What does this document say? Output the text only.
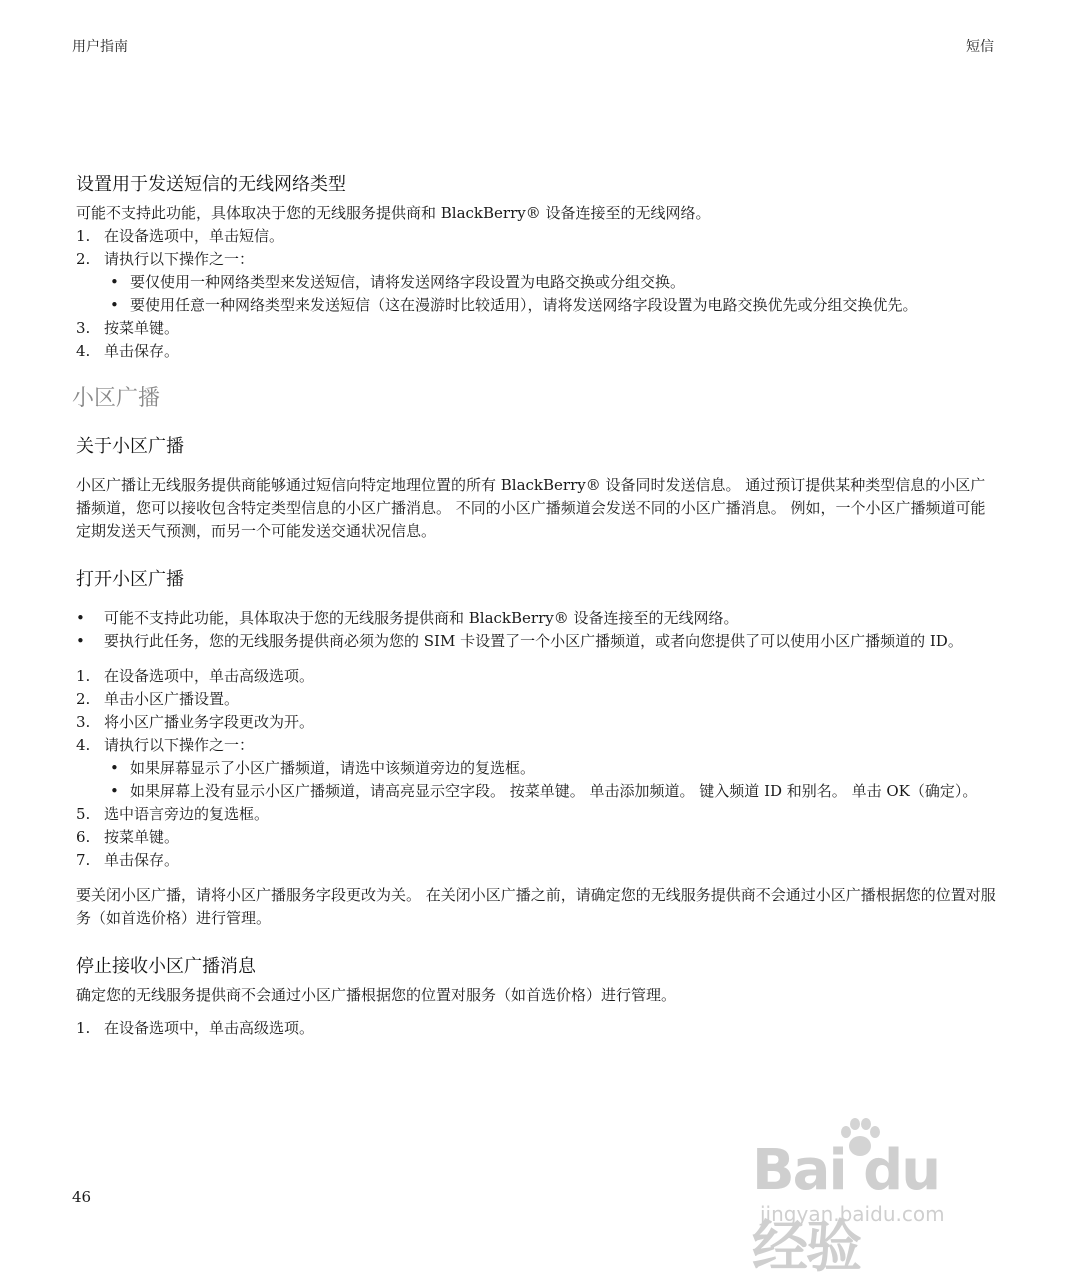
用户指南	短信
设置用于发送短信的无线网络类型

可能不支持此功能，具体取决于您的无线服务提供商和 BlackBerry® 设备连接至的无线网络。

1. 在设备选项中，单击短信。
2. 请执行以下操作之一：
• 要仅使用一种网络类型来发送短信，请将发送网络字段设置为电路交换或分组交换。
• 要使用任意一种网络类型来发送短信（这在漫游时比较适用），请将发送网络字段设置为电路交换优先或分组交换优先。
3. 按菜单键。
4. 单击保存。
小区广播
关于小区广播

小区广播让无线服务提供商能够通过短信向特定地理位置的所有 BlackBerry® 设备同时发送信息。 通过预订提供某种类型信息的小区广播频道，您可以接收包含特定类型信息的小区广播消息。 不同的小区广播频道会发送不同的小区广播消息。 例如，一个小区广播频道可能定期发送天气预测，而另一个可能发送交通状况信息。

打开小区广播
• 可能不支持此功能，具体取决于您的无线服务提供商和 BlackBerry® 设备连接至的无线网络。
• 要执行此任务，您的无线服务提供商必须为您的 SIM 卡设置了一个小区广播频道，或者向您提供了可以使用小区广播频道的 ID。
1. 在设备选项中，单击高级选项。
2. 单击小区广播设置。
3. 将小区广播业务字段更改为开。
4. 请执行以下操作之一：
• 如果屏幕显示了小区广播频道，请选中该频道旁边的复选框。
• 如果屏幕上没有显示小区广播频道，请高亮显示空字段。 按菜单键。 单击添加频道。 键入频道 ID 和别名。 单击 OK（确定）。
5. 选中语言旁边的复选框。
6. 按菜单键。
7. 单击保存。

要关闭小区广播，请将小区广播服务字段更改为关。 在关闭小区广播之前，请确定您的无线服务提供商不会通过小区广播根据您的位置对服务（如首选价格）进行管理。

停止接收小区广播消息

确定您的无线服务提供商不会通过小区广播根据您的位置对服务（如首选价格）进行管理。

1. 在设备选项中，单击高级选项。
46	Bai du 经验
jingyan.baidu.com
